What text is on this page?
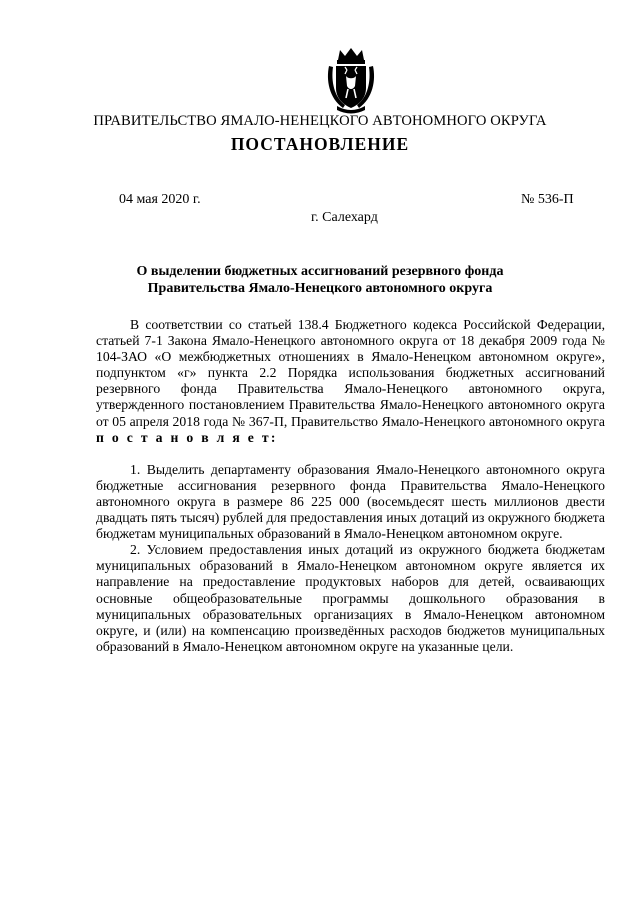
ПРАВИТЕЛЬСТВО ЯМАЛО-НЕНЕЦКОГО АВТОНОМНОГО ОКРУГА
ПОСТАНОВЛЕНИЕ
04 мая 2020 г.	№ 536-П
г. Салехард
О выделении бюджетных ассигнований резервного фонда
Правительства Ямало-Ненецкого автономного округа

В соответствии со статьей 138.4 Бюджетного кодекса Российской Федерации, статьей 7-1 Закона Ямало-Ненецкого автономного округа от 18 декабря 2009 года № 104-ЗАО «О межбюджетных отношениях в Ямало-Ненецком автономном округе», подпунктом «г» пункта 2.2 Порядка использования бюджетных ассигнований резервного фонда Правительства Ямало-Ненецкого автономного округа, утвержденного постановлением Правительства Ямало-Ненецкого автономного округа от 05 апреля 2018 года № 367-П, Правительство Ямало-Ненецкого автономного округа

п о с т а н о в л я е т:

1. Выделить департаменту образования Ямало-Ненецкого автономного округа бюджетные ассигнования резервного фонда Правительства Ямало-Ненецкого автономного округа в размере 86 225 000 (восемьдесят шесть миллионов двести двадцать пять тысяч) рублей для предоставления иных дотаций из окружного бюджета бюджетам муниципальных образований в Ямало-Ненецком автономном округе.

2. Условием предоставления иных дотаций из окружного бюджета бюджетам муниципальных образований в Ямало-Ненецком автономном округе является их направление на предоставление продуктовых наборов для детей, осваивающих основные общеобразовательные программы дошкольного образования в муниципальных образовательных организациях в Ямало-Ненецком автономном округе, и (или) на компенсацию произведённых расходов бюджетов муниципальных образований в Ямало-Ненецком автономном округе на указанные цели.
